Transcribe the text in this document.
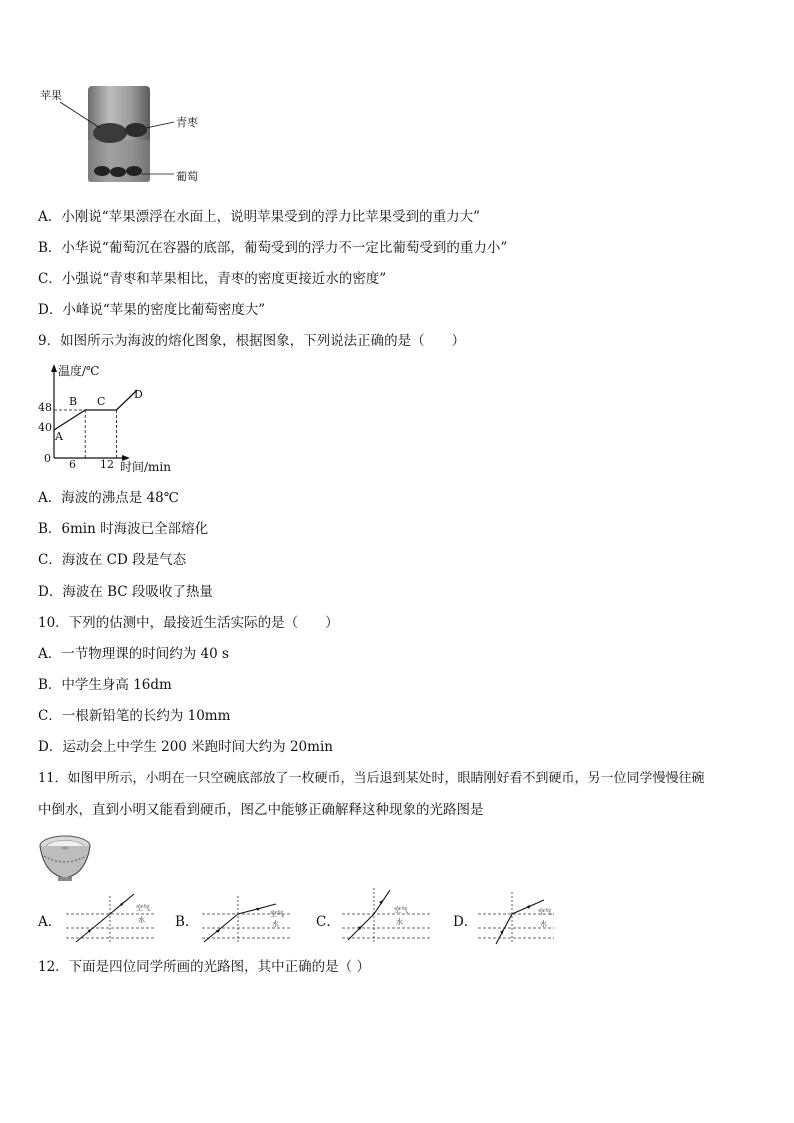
苹果
青枣
葡萄
A．小刚说“苹果漂浮在水面上，说明苹果受到的浮力比苹果受到的重力大”
B．小华说“葡萄沉在容器的底部，葡萄受到的浮力不一定比葡萄受到的重力小”
C．小强说“青枣和苹果相比，青枣的密度更接近水的密度”
D．小峰说“苹果的密度比葡萄密度大”
9．如图所示为海波的熔化图象，根据图象，下列说法正确的是（　　）
温度/℃
时间/min
48
40
0 6 12
A
B C
D
A．海波的沸点是 48℃
B．6min 时海波已全部熔化
C．海波在 CD 段是气态
D．海波在 BC 段吸收了热量
10．下列的估测中，最接近生活实际的是（　　）
A．一节物理课的时间约为 40 s
B．中学生身高 16dm
C．一根新铅笔的长约为 10mm
D．运动会上中学生 200 米跑时间大约为 20min
11．如图甲所示，小明在一只空碗底部放了一枚硬币，当后退到某处时，眼睛刚好看不到硬币，另一位同学慢慢往碗
中倒水，直到小明又能看到硬币，图乙中能够正确解释这种现象的光路图是
A．	B．	C．	D．
空气
水
空气
水
空气
水
空气
水
12．下面是四位同学所画的光路图，其中正确的是（ ）
